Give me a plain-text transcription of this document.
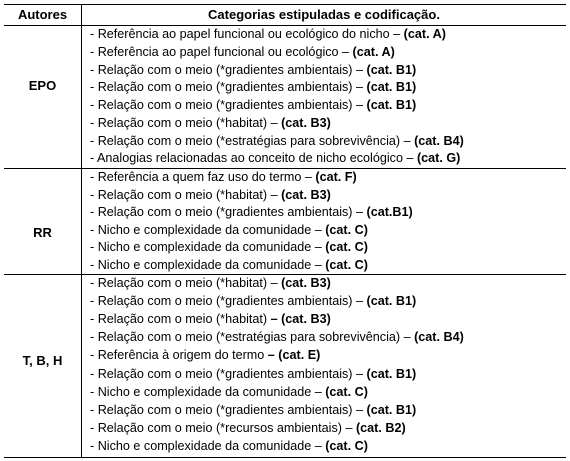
Autores	Categorias estipuladas e codificação.
EPO
RR
T, B, H
- Referência ao papel funcional ou ecológico do nicho – (cat. A)
- Referência ao papel funcional ou ecológico – (cat. A)
- Relação com o meio (*gradientes ambientais) – (cat. B1)
- Relação com o meio (*gradientes ambientais) – (cat. B1)
- Relação com o meio (*gradientes ambientais) – (cat. B1)
- Relação com o meio (*habitat) – (cat. B3)
- Relação com o meio (*estratégias para sobrevivência) – (cat. B4)
- Analogias relacionadas ao conceito de nicho ecológico – (cat. G)
- Referência a quem faz uso do termo – (cat. F)
- Relação com o meio (*habitat) – (cat. B3)
- Relação com o meio (*gradientes ambientais) – (cat.B1)
- Nicho e complexidade da comunidade – (cat. C)
- Nicho e complexidade da comunidade – (cat. C)
- Nicho e complexidade da comunidade – (cat. C)
- Relação com o meio (*habitat) – (cat. B3)
- Relação com o meio (*gradientes ambientais) – (cat. B1)
- Relação com o meio (*habitat) – (cat. B3)
- Relação com o meio (*estratégias para sobrevivência) – (cat. B4)
- Referência à origem do termo – (cat. E)
- Relação com o meio (*gradientes ambientais) – (cat. B1)
- Nicho e complexidade da comunidade – (cat. C)
- Relação com o meio (*gradientes ambientais) – (cat. B1)
- Relação com o meio (*recursos ambientais) – (cat. B2)
- Nicho e complexidade da comunidade – (cat. C)
